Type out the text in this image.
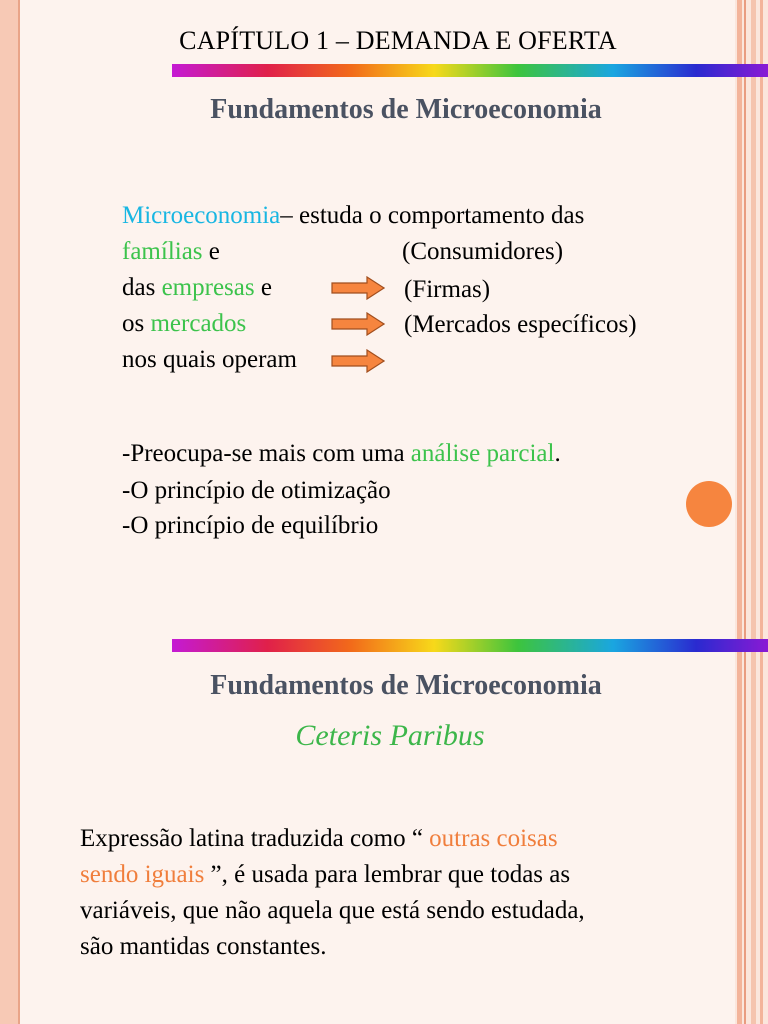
CAPÍTULO 1 – DEMANDA E OFERTA
Fundamentos de Microeconomia
Microeconomia– estuda o comportamento das
famílias e
das empresas e
os mercados
nos quais operam
(Consumidores)
(Firmas)
(Mercados específicos)
-Preocupa-se mais com uma análise parcial.
-O princípio de otimização
-O princípio de equilíbrio
Fundamentos de Microeconomia
Ceteris Paribus
Expressão latina traduzida como “ outras coisas
sendo iguais ”, é usada para lembrar que todas as
variáveis, que não aquela que está sendo estudada,
são mantidas constantes.
